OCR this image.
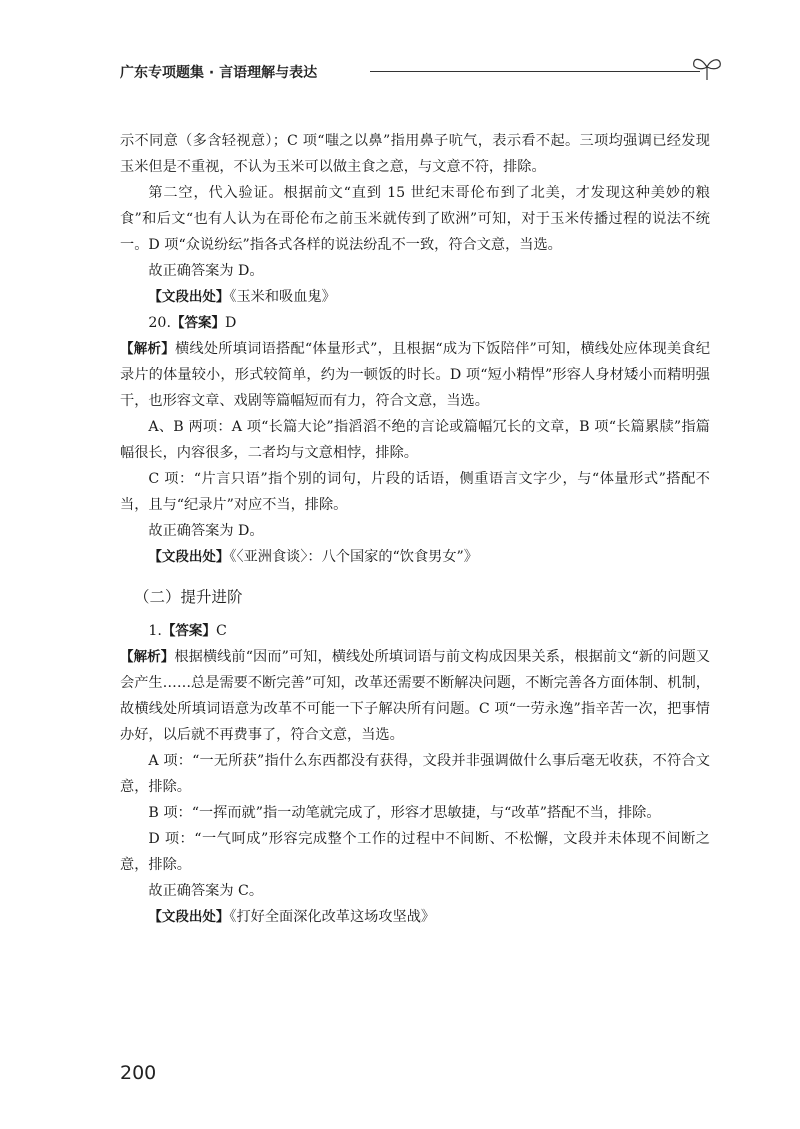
广东专项题集 · 言语理解与表达

示不同意（多含轻视意）；C 项“嗤之以鼻”指用鼻子吭气，表示看不起。三项均强调已经发现玉米但是不重视，不认为玉米可以做主食之意，与文意不符，排除。

第二空，代入验证。根据前文“直到 15 世纪末哥伦布到了北美，才发现这种美妙的粮食”和后文“也有人认为在哥伦布之前玉米就传到了欧洲”可知，对于玉米传播过程的说法不统一。D 项“众说纷纭”指各式各样的说法纷乱不一致，符合文意，当选。

故正确答案为 D。

【文段出处】《玉米和吸血鬼》

20.【答案】D

【解析】横线处所填词语搭配“体量形式”，且根据“成为下饭陪伴”可知，横线处应体现美食纪录片的体量较小，形式较简单，约为一顿饭的时长。D 项“短小精悍”形容人身材矮小而精明强干，也形容文章、戏剧等篇幅短而有力，符合文意，当选。

A、B 两项：A 项“长篇大论”指滔滔不绝的言论或篇幅冗长的文章，B 项“长篇累牍”指篇幅很长，内容很多，二者均与文意相悖，排除。

C 项：“片言只语”指个别的词句，片段的话语，侧重语言文字少，与“体量形式”搭配不当，且与“纪录片”对应不当，排除。

故正确答案为 D。

【文段出处】《〈亚洲食谈〉：八个国家的“饮食男女”》

（二）提升进阶

1.【答案】C

【解析】根据横线前“因而”可知，横线处所填词语与前文构成因果关系，根据前文“新的问题又会产生……总是需要不断完善”可知，改革还需要不断解决问题，不断完善各方面体制、机制，故横线处所填词语意为改革不可能一下子解决所有问题。C 项“一劳永逸”指辛苦一次，把事情办好，以后就不再费事了，符合文意，当选。

A 项：“一无所获”指什么东西都没有获得，文段并非强调做什么事后毫无收获，不符合文意，排除。

B 项：“一挥而就”指一动笔就完成了，形容才思敏捷，与“改革”搭配不当，排除。

D 项：“一气呵成”形容完成整个工作的过程中不间断、不松懈，文段并未体现不间断之意，排除。

故正确答案为 C。

【文段出处】《打好全面深化改革这场攻坚战》

200
